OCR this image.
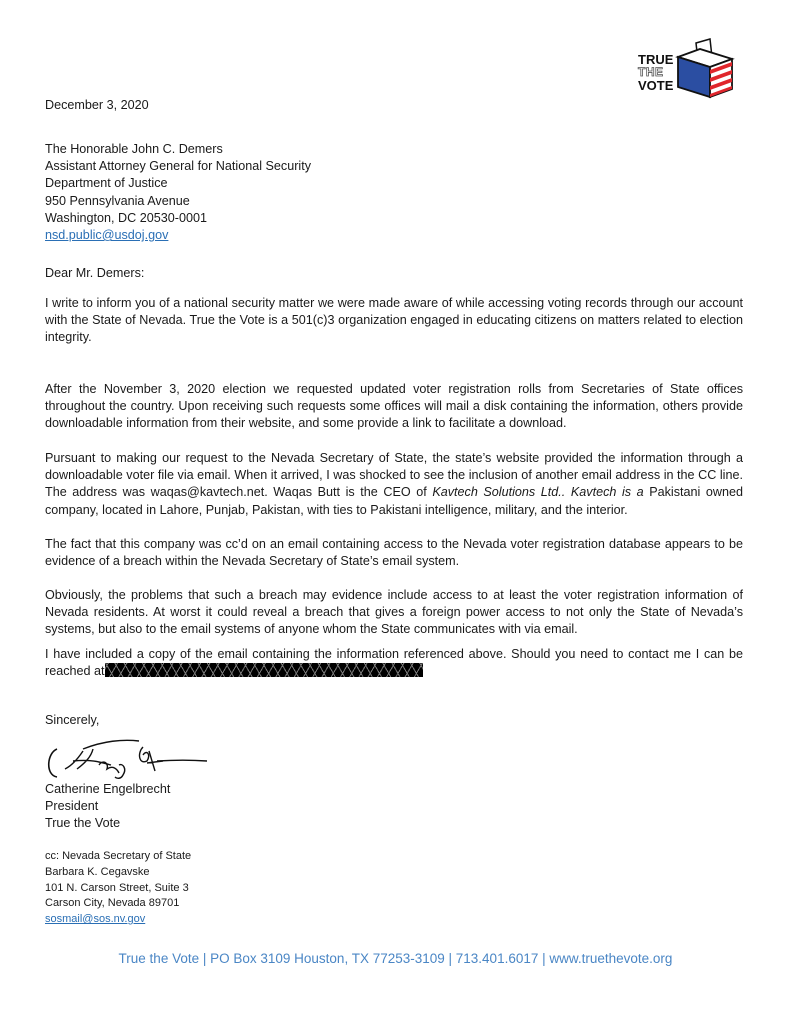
TRUE
THE
VOTE
December 3, 2020
The Honorable John C. Demers
Assistant Attorney General for National Security
Department of Justice
950 Pennsylvania Avenue
Washington, DC 20530-0001
nsd.public@usdoj.gov
Dear Mr. Demers:

I write to inform you of a national security matter we were made aware of while accessing voting records through our account with the State of Nevada. True the Vote is a 501(c)3 organization engaged in educating citizens on matters related to election integrity.

After the November 3, 2020 election we requested updated voter registration rolls from Secretaries of State offices throughout the country. Upon receiving such requests some offices will mail a disk containing the information, others provide downloadable information from their website, and some provide a link to facilitate a download.

Pursuant to making our request to the Nevada Secretary of State, the state’s website provided the information through a downloadable voter file via email. When it arrived, I was shocked to see the inclusion of another email address in the CC line. The address was waqas@kavtech.net. Waqas Butt is the CEO of Kavtech Solutions Ltd.. Kavtech is a Pakistani owned company, located in Lahore, Punjab, Pakistan, with ties to Pakistani intelligence, military, and the interior.

The fact that this company was cc’d on an email containing access to the Nevada voter registration database appears to be evidence of a breach within the Nevada Secretary of State’s email system.

Obviously, the problems that such a breach may evidence include access to at least the voter registration information of Nevada residents. At worst it could reveal a breach that gives a foreign power access to not only the State of Nevada’s systems, but also to the email systems of anyone whom the State communicates with via email.

I have included a copy of the email containing the information referenced above. Should you need to contact me I can be reached at

Sincerely,
Catherine Engelbrecht
President
True the Vote
cc: Nevada Secretary of State
Barbara K. Cegavske
101 N. Carson Street, Suite 3
Carson City, Nevada 89701
sosmail@sos.nv.gov
True the Vote | PO Box 3109 Houston, TX 77253-3109 | 713.401.6017 | www.truethevote.org
